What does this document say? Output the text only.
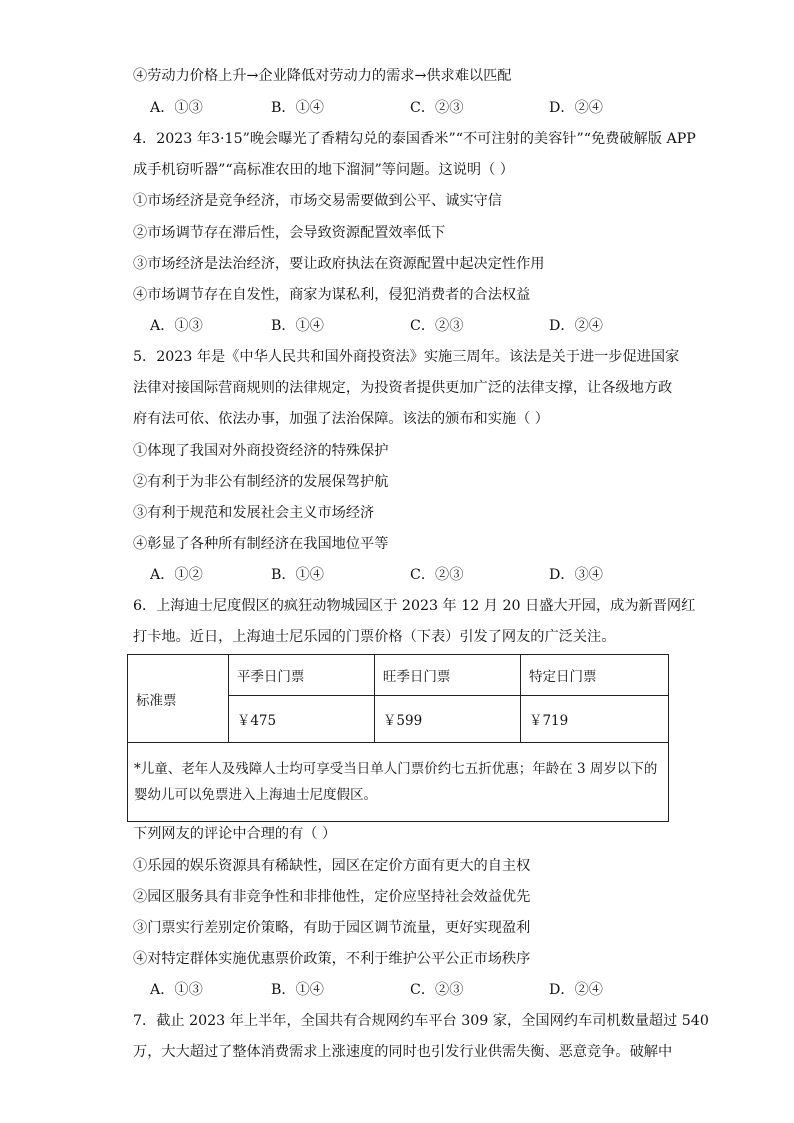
④劳动力价格上升→企业降低对劳动力的需求→供求难以匹配
A．①③	B．①④	C．②③	D．②④
4．2023 年3·15”晚会曝光了香精勾兑的泰国香米”“不可注射的美容针”“免费破解版 APP
成手机窃听器”“高标准农田的地下溜洞”等问题。这说明（ ）
①市场经济是竞争经济，市场交易需要做到公平、诚实守信
②市场调节存在滞后性，会导致资源配置效率低下
③市场经济是法治经济，要让政府执法在资源配置中起决定性作用
④市场调节存在自发性，商家为谋私利，侵犯消费者的合法权益
A．①③	B．①④	C．②③	D．②④
5．2023 年是《中华人民共和国外商投资法》实施三周年。该法是关于进一步促进国家
法律对接国际营商规则的法律规定，为投资者提供更加广泛的法律支撑，让各级地方政
府有法可依、依法办事，加强了法治保障。该法的颁布和实施（ ）
①体现了我国对外商投资经济的特殊保护
②有利于为非公有制经济的发展保驾护航
③有利于规范和发展社会主义市场经济
④彰显了各种所有制经济在我国地位平等
A．①②	B．①④	C．②③	D．③④
6．上海迪士尼度假区的疯狂动物城园区于 2023 年 12 月 20 日盛大开园，成为新晋网红
打卡地。近日，上海迪士尼乐园的门票价格（下表）引发了网友的广泛关注。
标准票	平季日门票	旺季日门票	特定日门票
	￥475	￥599	￥719
*儿童、老年人及残障人士均可享受当日单人门票价约七五折优惠；年龄在 3 周岁以下的婴幼儿可以免票进入上海迪士尼度假区。			
下列网友的评论中合理的有（ ）
①乐园的娱乐资源具有稀缺性，园区在定价方面有更大的自主权
②园区服务具有非竞争性和非排他性，定价应坚持社会效益优先
③门票实行差别定价策略，有助于园区调节流量，更好实现盈利
④对特定群体实施优惠票价政策，不利于维护公平公正市场秩序
A．①③	B．①④	C．②③	D．②④
7．截止 2023 年上半年，全国共有合规网约车平台 309 家，全国网约车司机数量超过 540
万，大大超过了整体消费需求上涨速度的同时也引发行业供需失衡、恶意竞争。破解中
